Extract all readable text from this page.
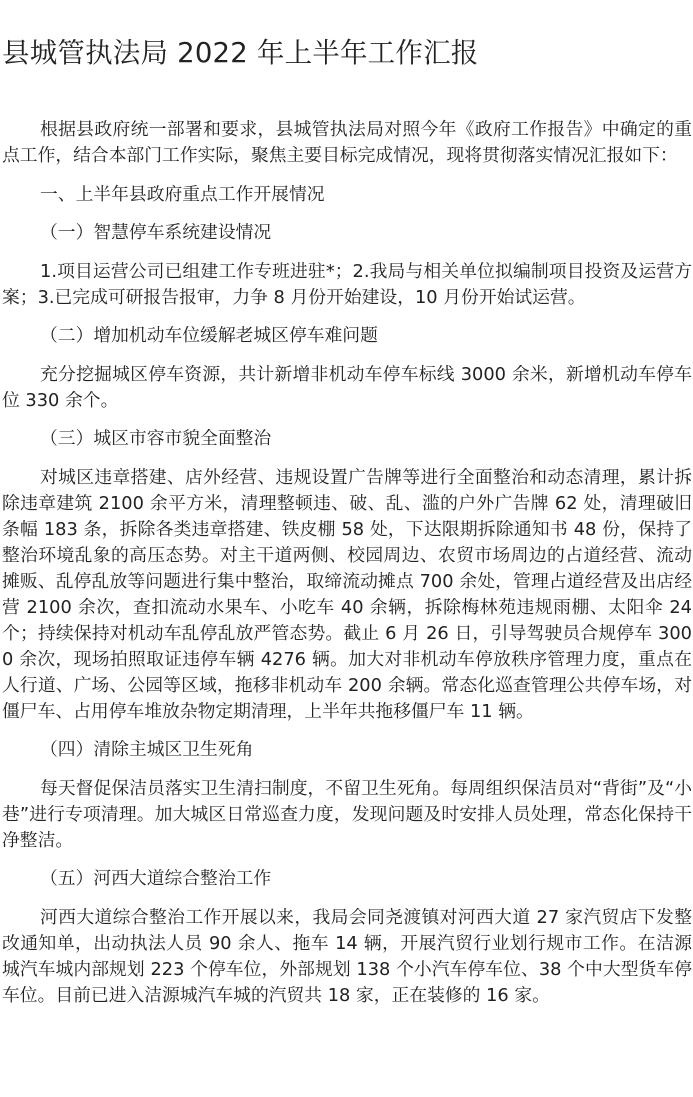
县城管执法局 2022 年上半年工作汇报

根据县政府统一部署和要求，县城管执法局对照今年《政府工作报告》中确定的重点工作，结合本部门工作实际，聚焦主要目标完成情况，现将贯彻落实情况汇报如下：

一、上半年县政府重点工作开展情况

（一）智慧停车系统建设情况

1.项目运营公司已组建工作专班进驻*；2.我局与相关单位拟编制项目投资及运营方案；3.已完成可研报告报审，力争 8 月份开始建设，10 月份开始试运营。

（二）增加机动车位缓解老城区停车难问题

充分挖掘城区停车资源，共计新增非机动车停车标线 3000 余米，新增机动车停车位 330 余个。

（三）城区市容市貌全面整治

对城区违章搭建、店外经营、违规设置广告牌等进行全面整治和动态清理，累计拆除违章建筑 2100 余平方米，清理整顿违、破、乱、滥的户外广告牌 62 处，清理破旧条幅 183 条，拆除各类违章搭建、铁皮棚 58 处，下达限期拆除通知书 48 份，保持了整治环境乱象的高压态势。对主干道两侧、校园周边、农贸市场周边的占道经营、流动摊贩、乱停乱放等问题进行集中整治，取缔流动摊点 700 余处，管理占道经营及出店经营 2100 余次，查扣流动水果车、小吃车 40 余辆，拆除梅林苑违规雨棚、太阳伞 24 个；持续保持对机动车乱停乱放严管态势。截止 6 月 26 日，引导驾驶员合规停车 3000 余次，现场拍照取证违停车辆 4276 辆。加大对非机动车停放秩序管理力度，重点在人行道、广场、公园等区域，拖移非机动车 200 余辆。常态化巡查管理公共停车场，对僵尸车、占用停车堆放杂物定期清理，上半年共拖移僵尸车 11 辆。

（四）清除主城区卫生死角

每天督促保洁员落实卫生清扫制度，不留卫生死角。每周组织保洁员对“背街”及“小巷”进行专项清理。加大城区日常巡查力度，发现问题及时安排人员处理，常态化保持干净整洁。

（五）河西大道综合整治工作

河西大道综合整治工作开展以来，我局会同尧渡镇对河西大道 27 家汽贸店下发整改通知单，出动执法人员 90 余人、拖车 14 辆，开展汽贸行业划行规市工作。在洁源城汽车城内部规划 223 个停车位，外部规划 138 个小汽车停车位、38 个中大型货车停车位。目前已进入洁源城汽车城的汽贸共 18 家，正在装修的 16 家。
